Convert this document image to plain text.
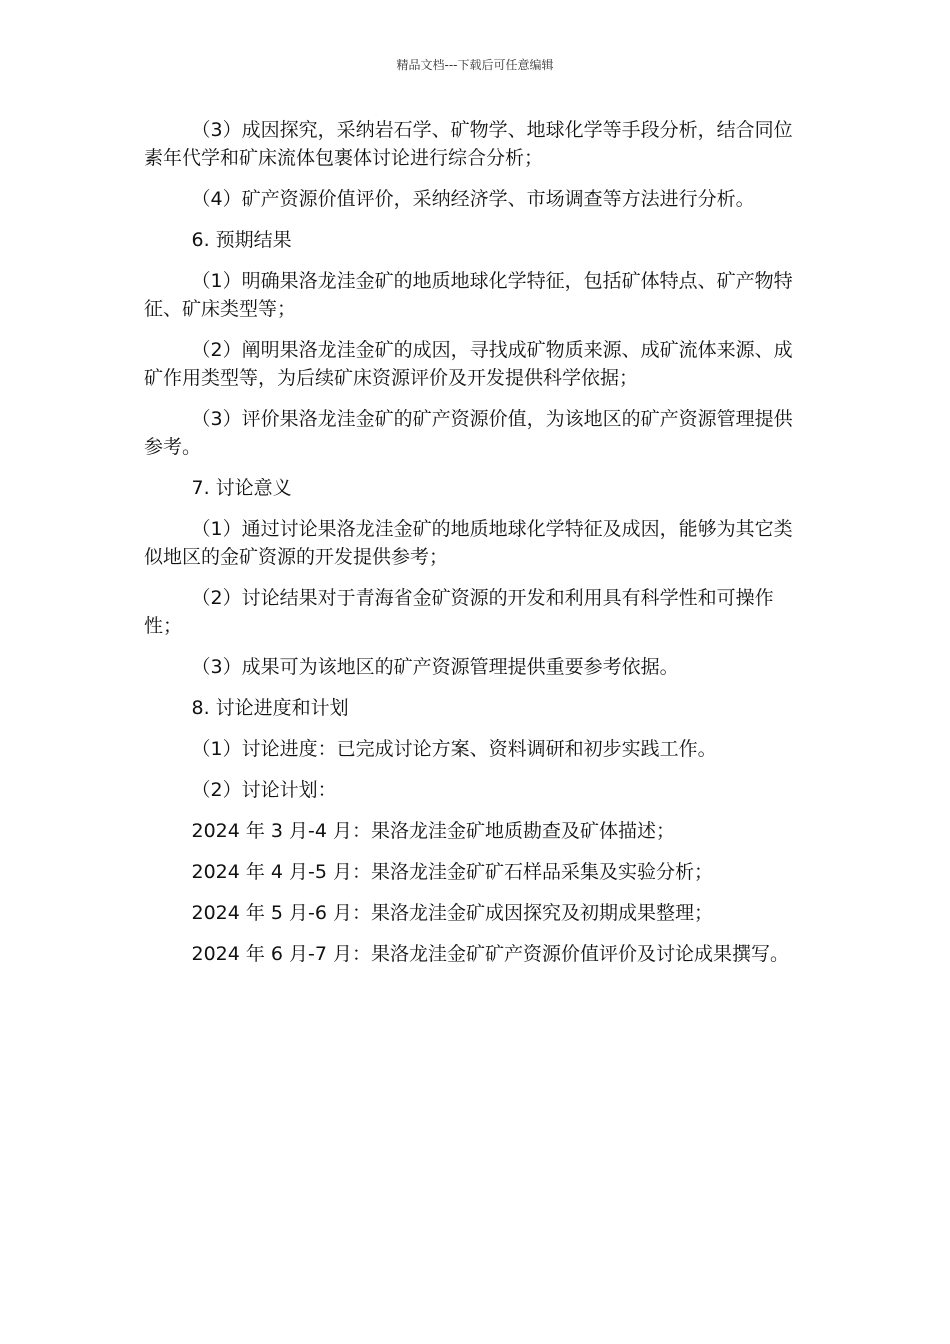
精品文档---下载后可任意编辑

（3）成因探究，采纳岩石学、矿物学、地球化学等手段分析，结合同位素年代学和矿床流体包裹体讨论进行综合分析；

（4）矿产资源价值评价，采纳经济学、市场调查等方法进行分析。

6. 预期结果

（1）明确果洛龙洼金矿的地质地球化学特征，包括矿体特点、矿产物特征、矿床类型等；

（2）阐明果洛龙洼金矿的成因，寻找成矿物质来源、成矿流体来源、成矿作用类型等，为后续矿床资源评价及开发提供科学依据；

（3）评价果洛龙洼金矿的矿产资源价值，为该地区的矿产资源管理提供参考。

7. 讨论意义

（1）通过讨论果洛龙洼金矿的地质地球化学特征及成因，能够为其它类似地区的金矿资源的开发提供参考；

（2）讨论结果对于青海省金矿资源的开发和利用具有科学性和可操作性；

（3）成果可为该地区的矿产资源管理提供重要参考依据。

8. 讨论进度和计划

（1）讨论进度：已完成讨论方案、资料调研和初步实践工作。

（2）讨论计划：

2024 年 3 月-4 月：果洛龙洼金矿地质勘查及矿体描述；

2024 年 4 月-5 月：果洛龙洼金矿矿石样品采集及实验分析；

2024 年 5 月-6 月：果洛龙洼金矿成因探究及初期成果整理；

2024 年 6 月-7 月：果洛龙洼金矿矿产资源价值评价及讨论成果撰写。
